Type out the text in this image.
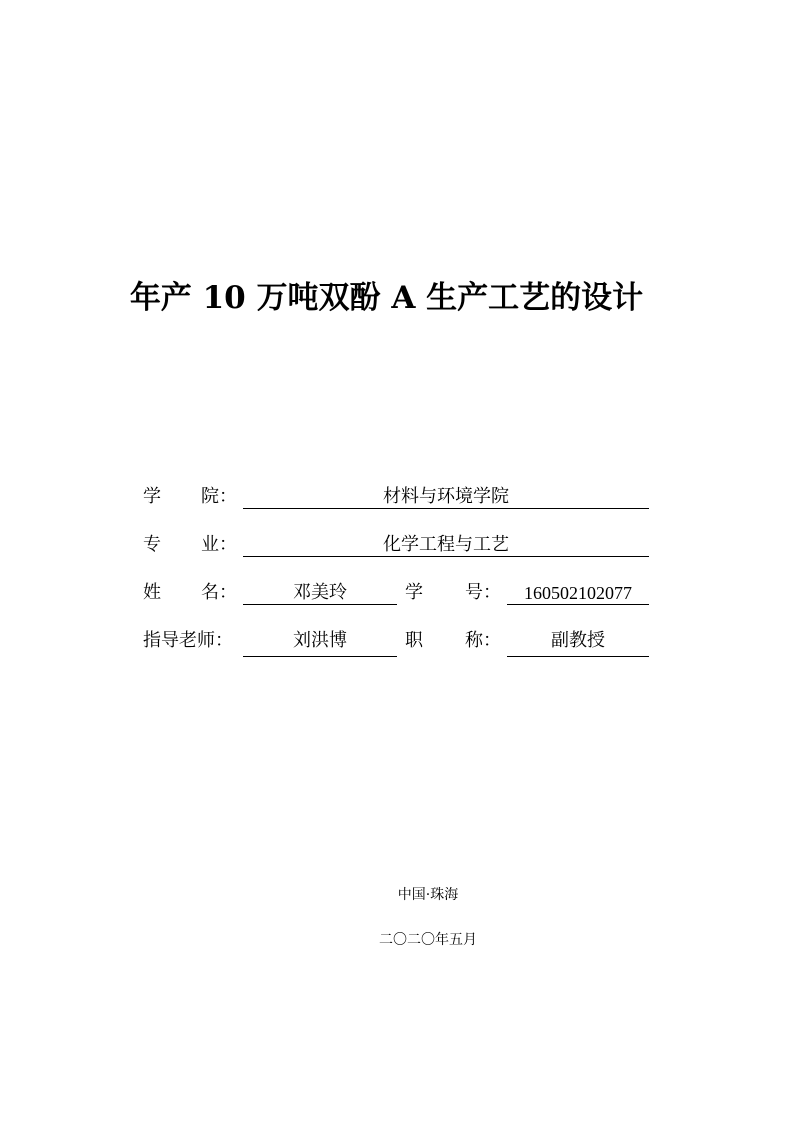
年产 10 万吨双酚 A 生产工艺的设计
学 院：	材料与环境学院
专 业：	化学工程与工艺
姓 名：	邓美玲	学 号：	160502102077
指导老师：	刘洪博	职 称：	副教授
中国·珠海
二〇二〇年五月
